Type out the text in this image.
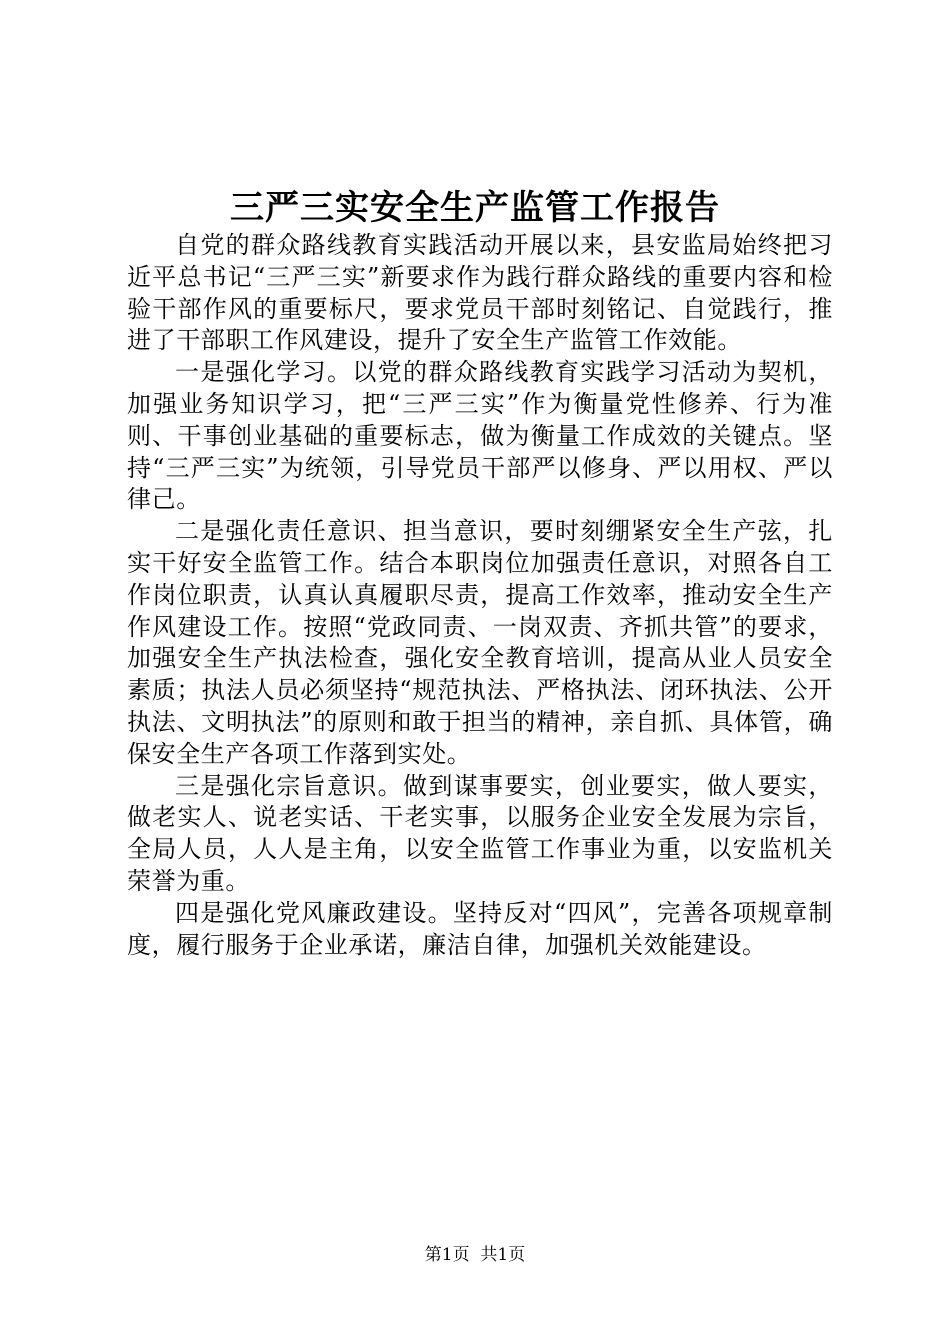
三严三实安全生产监管工作报告

自党的群众路线教育实践活动开展以来，县安监局始终把习近平总书记“三严三实”新要求作为践行群众路线的重要内容和检验干部作风的重要标尺，要求党员干部时刻铭记、自觉践行，推进了干部职工作风建设，提升了安全生产监管工作效能。

一是强化学习。以党的群众路线教育实践学习活动为契机，加强业务知识学习，把“三严三实”作为衡量党性修养、行为准则、干事创业基础的重要标志，做为衡量工作成效的关键点。坚持“三严三实”为统领，引导党员干部严以修身、严以用权、严以律己。

二是强化责任意识、担当意识，要时刻绷紧安全生产弦，扎实干好安全监管工作。结合本职岗位加强责任意识，对照各自工作岗位职责，认真认真履职尽责，提高工作效率，推动安全生产作风建设工作。按照“党政同责、一岗双责、齐抓共管”的要求，加强安全生产执法检查，强化安全教育培训，提高从业人员安全素质；执法人员必须坚持“规范执法、严格执法、闭环执法、公开执法、文明执法”的原则和敢于担当的精神，亲自抓、具体管，确保安全生产各项工作落到实处。

三是强化宗旨意识。做到谋事要实，创业要实，做人要实，做老实人、说老实话、干老实事，以服务企业安全发展为宗旨，全局人员，人人是主角，以安全监管工作事业为重，以安监机关荣誉为重。

四是强化党风廉政建设。坚持反对“四风”，完善各项规章制度，履行服务于企业承诺，廉洁自律，加强机关效能建设。

第1页  共1页
